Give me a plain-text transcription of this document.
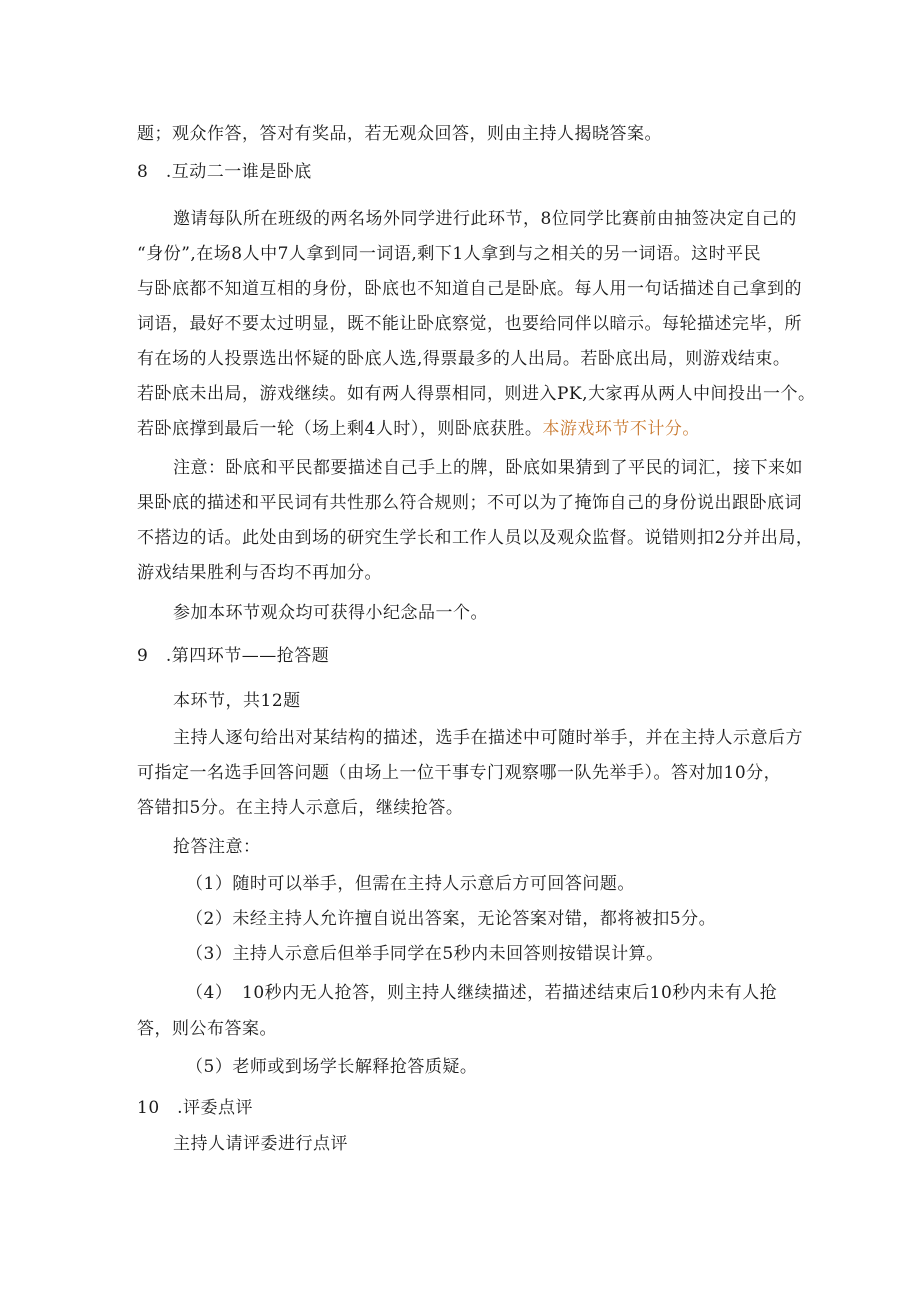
题；观众作答，答对有奖品，若无观众回答，则由主持人揭晓答案。
8　.互动二一谁是卧底
邀请每队所在班级的两名场外同学进行此环节，8位同学比赛前由抽签决定自己的
“身份”,在场8人中7人拿到同一词语,剩下1人拿到与之相关的另一词语。这时平民
与卧底都不知道互相的身份，卧底也不知道自己是卧底。每人用一句话描述自己拿到的
词语，最好不要太过明显，既不能让卧底察觉，也要给同伴以暗示。每轮描述完毕，所
有在场的人投票选出怀疑的卧底人选,得票最多的人出局。若卧底出局，则游戏结束。
若卧底未出局，游戏继续。如有两人得票相同，则进入PK,大家再从两人中间投出一个。
若卧底撑到最后一轮（场上剩4人时），则卧底获胜。本游戏环节不计分。
注意：卧底和平民都要描述自己手上的牌，卧底如果猜到了平民的词汇，接下来如
果卧底的描述和平民词有共性那么符合规则；不可以为了掩饰自己的身份说出跟卧底词
不搭边的话。此处由到场的研究生学长和工作人员以及观众监督。说错则扣2分并出局，
游戏结果胜利与否均不再加分。
参加本环节观众均可获得小纪念品一个。
9　.第四环节——抢答题
本环节，共12题
主持人逐句给出对某结构的描述，选手在描述中可随时举手，并在主持人示意后方
可指定一名选手回答问题（由场上一位干事专门观察哪一队先举手）。答对加10分，
答错扣5分。在主持人示意后，继续抢答。
抢答注意：
（1）随时可以举手，但需在主持人示意后方可回答问题。
（2）未经主持人允许擅自说出答案，无论答案对错，都将被扣5分。
（3）主持人示意后但举手同学在5秒内未回答则按错误计算。
（4） 10秒内无人抢答，则主持人继续描述，若描述结束后10秒内未有人抢
答，则公布答案。
（5）老师或到场学长解释抢答质疑。
10　.评委点评
主持人请评委进行点评
